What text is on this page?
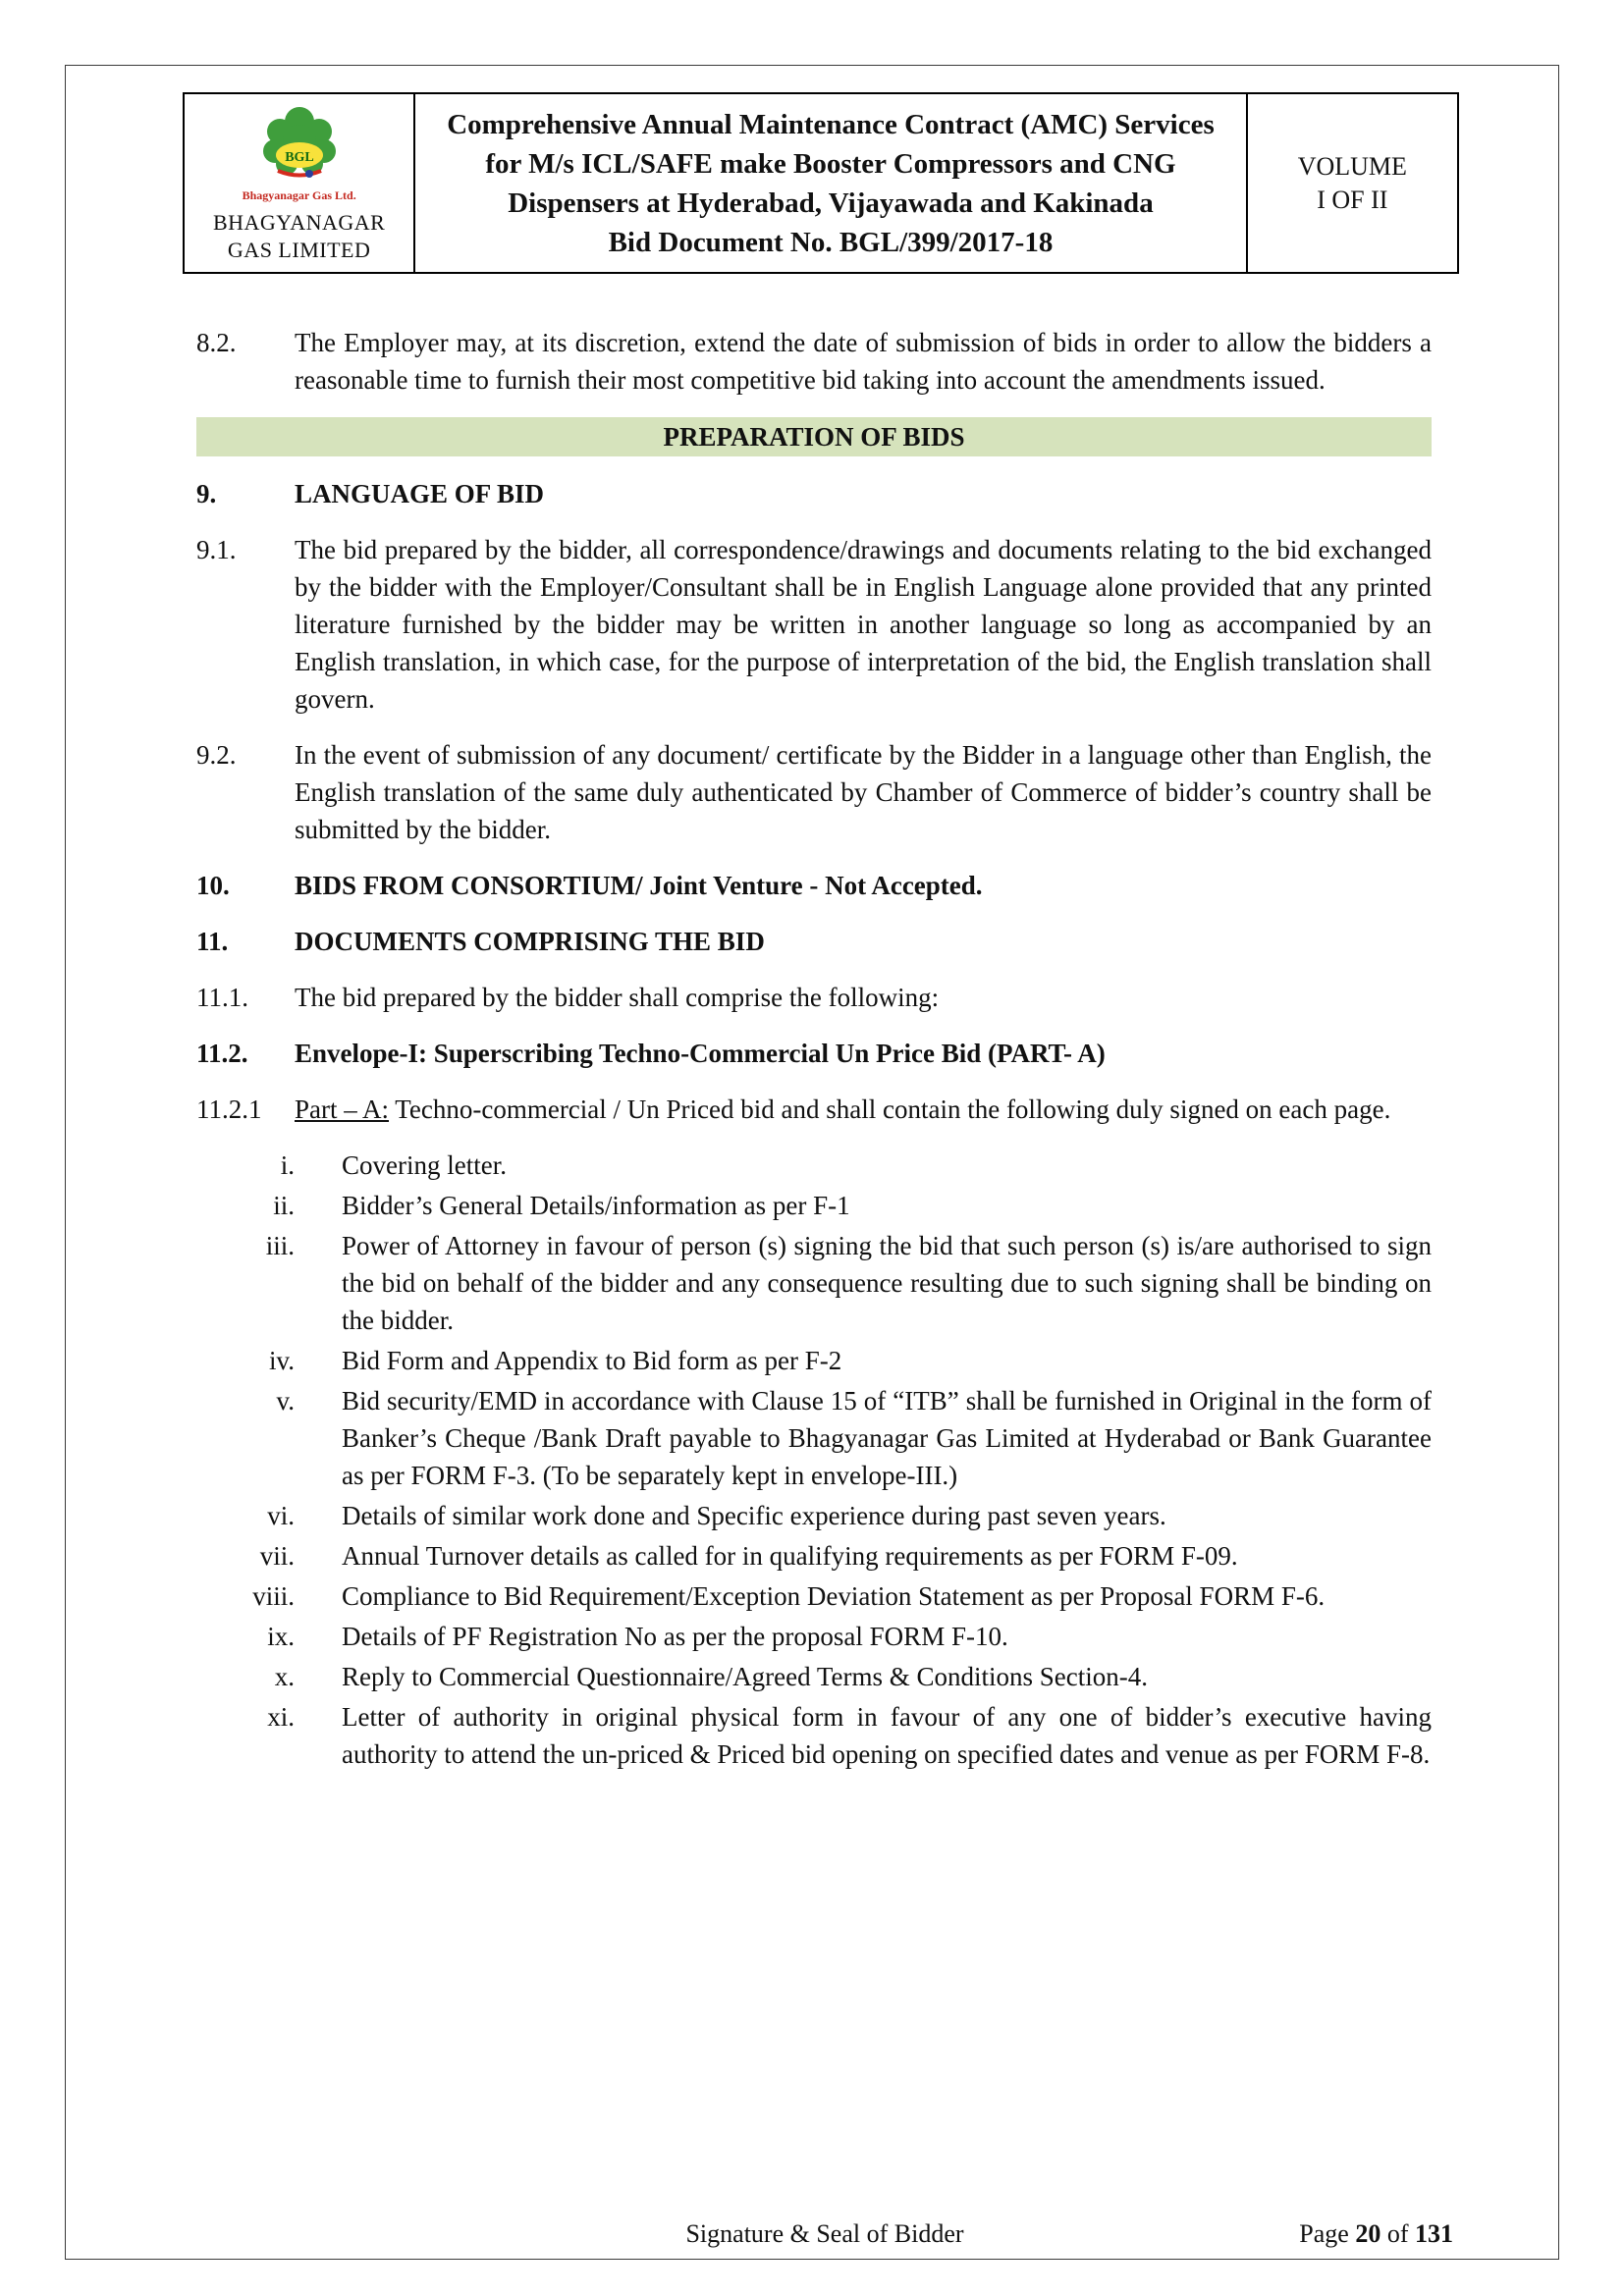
BGL
Bhagyanagar Gas Ltd.
BHAGYANAGAR
GAS LIMITED
Comprehensive Annual Maintenance Contract (AMC) Services for M/s ICL/SAFE make Booster Compressors and CNG Dispensers at Hyderabad, Vijayawada and Kakinada
Bid Document No. BGL/399/2017-18
VOLUME
I OF II
8.2.	The Employer may, at its discretion, extend the date of submission of bids in order to allow the bidders a reasonable time to furnish their most competitive bid taking into account the amendments issued.
PREPARATION OF BIDS
9.	LANGUAGE OF BID
9.1.	The bid prepared by the bidder, all correspondence/drawings and documents relating to the bid exchanged by the bidder with the Employer/Consultant shall be in English Language alone provided that any printed literature furnished by the bidder may be written in another language so long as accompanied by an English translation, in which case, for the purpose of interpretation of the bid, the English translation shall govern.
9.2.	In the event of submission of any document/ certificate by the Bidder in a language other than English, the English translation of the same duly authenticated by Chamber of Commerce of bidder’s country shall be submitted by the bidder.
10.	BIDS FROM CONSORTIUM/ Joint Venture - Not Accepted.
11.	DOCUMENTS COMPRISING THE BID
11.1.	The bid prepared by the bidder shall comprise the following:
11.2.	Envelope-I: Superscribing Techno-Commercial Un Price Bid (PART- A)
11.2.1	Part – A: Techno-commercial / Un Priced bid and shall contain the following duly signed on each page.
i. Covering letter.
ii. Bidder’s General Details/information as per F-1
iii. Power of Attorney in favour of person (s) signing the bid that such person (s) is/are authorised to sign the bid on behalf of the bidder and any consequence resulting due to such signing shall be binding on the bidder.
iv. Bid Form and Appendix to Bid form as per F-2
v. Bid security/EMD in accordance with Clause 15 of “ITB” shall be furnished in Original in the form of Banker’s Cheque /Bank Draft payable to Bhagyanagar Gas Limited at Hyderabad or Bank Guarantee as per FORM F-3. (To be separately kept in envelope-III.)
vi. Details of similar work done and Specific experience during past seven years.
vii. Annual Turnover details as called for in qualifying requirements as per FORM F-09.
viii. Compliance to Bid Requirement/Exception Deviation Statement as per Proposal FORM F-6.
ix. Details of PF Registration No as per the proposal FORM F-10.
x. Reply to Commercial Questionnaire/Agreed Terms & Conditions Section-4.
xi. Letter of authority in original physical form in favour of any one of bidder’s executive having authority to attend the un-priced & Priced bid opening on specified dates and venue as per FORM F-8.
Signature & Seal of Bidder	Page 20 of 131
